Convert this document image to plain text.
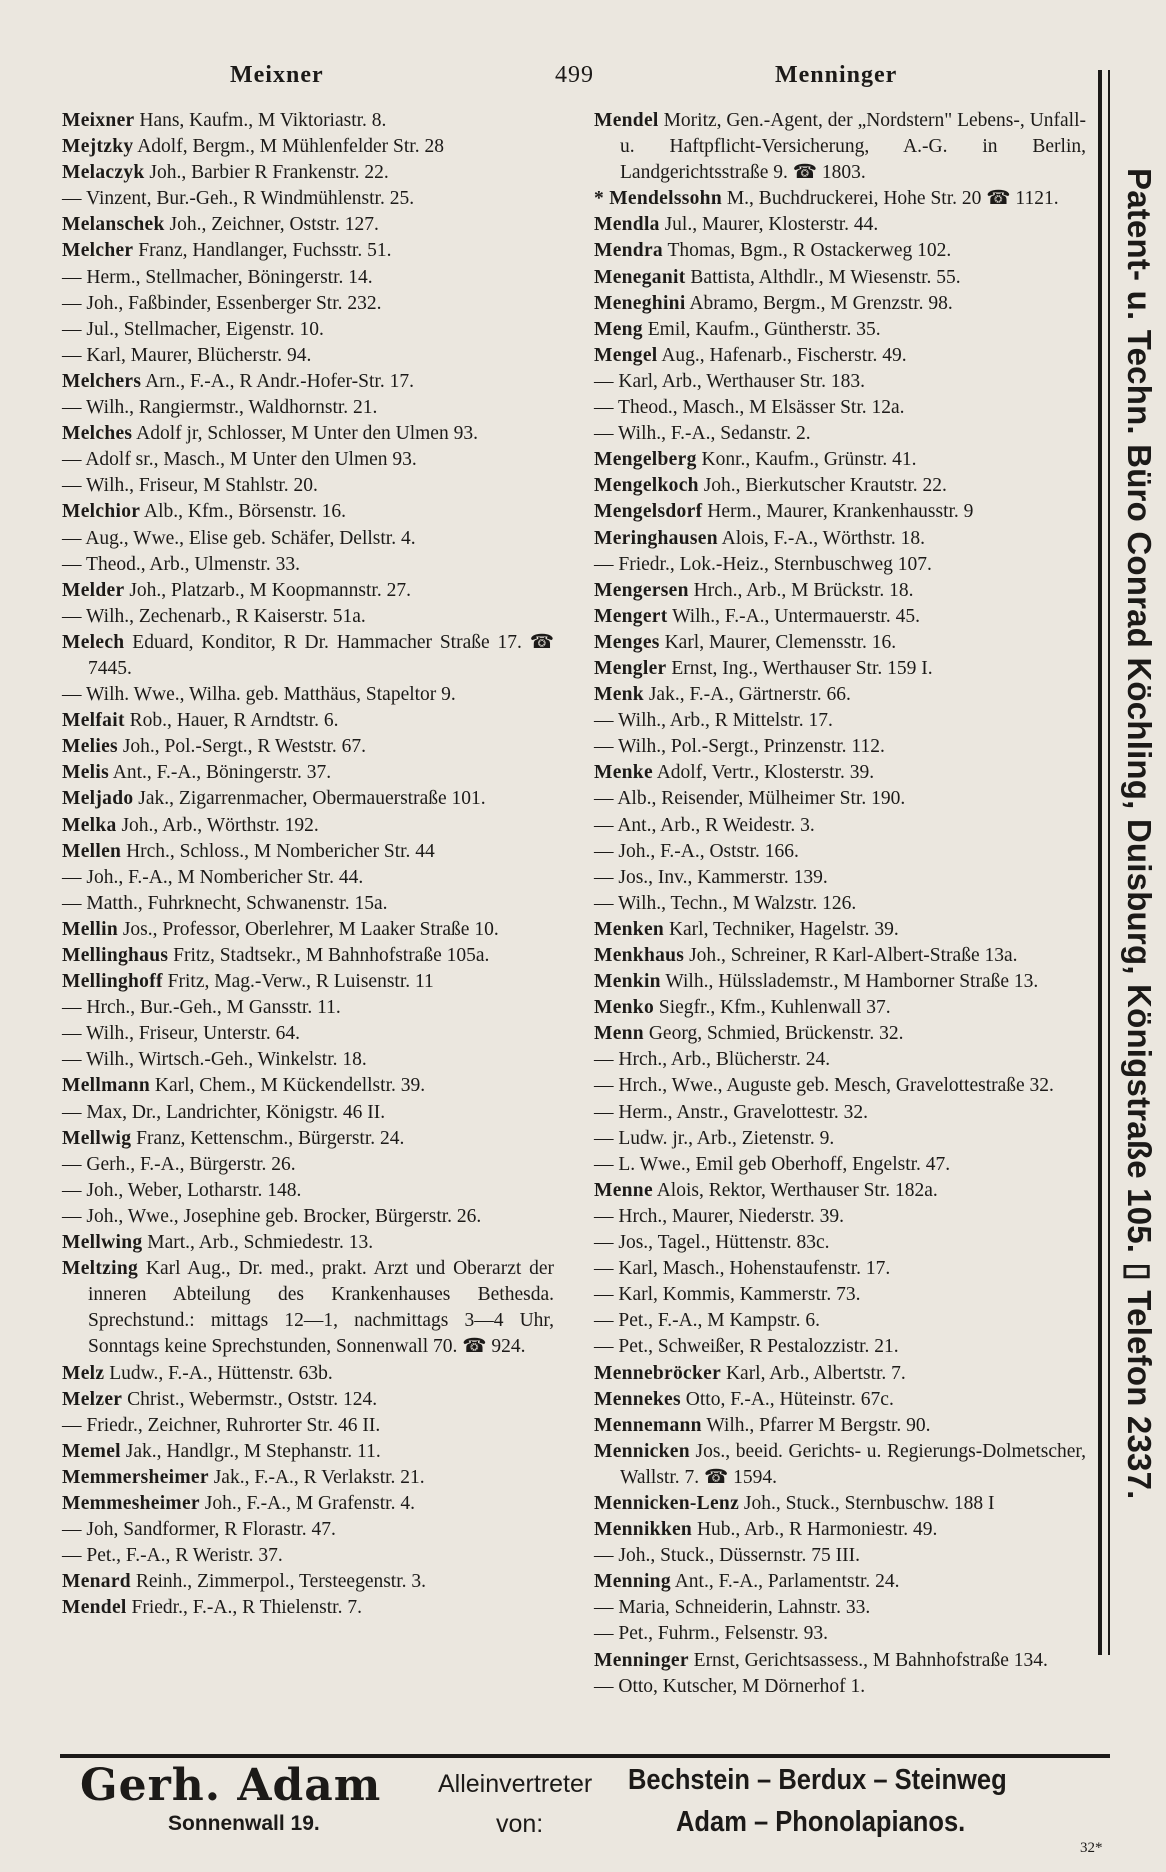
Meixner	499	Menninger
Meixner Hans, Kaufm., M Viktoriastr. 8.
Mejtzky Adolf, Bergm., M Mühlenfelder Str. 28
Melaczyk Joh., Barbier R Frankenstr. 22.
— Vinzent, Bur.-Geh., R Windmühlenstr. 25.
Melanschek Joh., Zeichner, Oststr. 127.
Melcher Franz, Handlanger, Fuchsstr. 51.
— Herm., Stellmacher, Böningerstr. 14.
— Joh., Faßbinder, Essenberger Str. 232.
— Jul., Stellmacher, Eigenstr. 10.
— Karl, Maurer, Blücherstr. 94.
Melchers Arn., F.-A., R Andr.-Hofer-Str. 17.
— Wilh., Rangiermstr., Waldhornstr. 21.
Melches Adolf jr, Schlosser, M Unter den Ulmen 93.
— Adolf sr., Masch., M Unter den Ulmen 93.
— Wilh., Friseur, M Stahlstr. 20.
Melchior Alb., Kfm., Börsenstr. 16.
— Aug., Wwe., Elise geb. Schäfer, Dellstr. 4.
— Theod., Arb., Ulmenstr. 33.
Melder Joh., Platzarb., M Koopmannstr. 27.
— Wilh., Zechenarb., R Kaiserstr. 51a.
Melech Eduard, Konditor, R Dr. Hammacher Straße 17. ☎ 7445.
— Wilh. Wwe., Wilha. geb. Matthäus, Stapeltor 9.
Melfait Rob., Hauer, R Arndtstr. 6.
Melies Joh., Pol.-Sergt., R Weststr. 67.
Melis Ant., F.-A., Böningerstr. 37.
Meljado Jak., Zigarrenmacher, Obermauerstraße 101.
Melka Joh., Arb., Wörthstr. 192.
Mellen Hrch., Schloss., M Nombericher Str. 44
— Joh., F.-A., M Nombericher Str. 44.
— Matth., Fuhrknecht, Schwanenstr. 15a.
Mellin Jos., Professor, Oberlehrer, M Laaker Straße 10.
Mellinghaus Fritz, Stadtsekr., M Bahnhofstraße 105a.
Mellinghoff Fritz, Mag.-Verw., R Luisenstr. 11
— Hrch., Bur.-Geh., M Gansstr. 11.
— Wilh., Friseur, Unterstr. 64.
— Wilh., Wirtsch.-Geh., Winkelstr. 18.
Mellmann Karl, Chem., M Kückendellstr. 39.
— Max, Dr., Landrichter, Königstr. 46 II.
Mellwig Franz, Kettenschm., Bürgerstr. 24.
— Gerh., F.-A., Bürgerstr. 26.
— Joh., Weber, Lotharstr. 148.
— Joh., Wwe., Josephine geb. Brocker, Bürgerstr. 26.
Mellwing Mart., Arb., Schmiedestr. 13.
Meltzing Karl Aug., Dr. med., prakt. Arzt und Oberarzt der inneren Abteilung des Krankenhauses Bethesda. Sprechstund.: mittags 12—1, nachmittags 3—4 Uhr, Sonntags keine Sprechstunden, Sonnenwall 70. ☎ 924.
Melz Ludw., F.-A., Hüttenstr. 63b.
Melzer Christ., Webermstr., Oststr. 124.
— Friedr., Zeichner, Ruhrorter Str. 46 II.
Memel Jak., Handlgr., M Stephanstr. 11.
Memmersheimer Jak., F.-A., R Verlakstr. 21.
Memmesheimer Joh., F.-A., M Grafenstr. 4.
— Joh, Sandformer, R Florastr. 47.
— Pet., F.-A., R Weristr. 37.
Menard Reinh., Zimmerpol., Tersteegenstr. 3.
Mendel Friedr., F.-A., R Thielenstr. 7.
Mendel Moritz, Gen.-Agent, der „Nordstern" Lebens-, Unfall- u. Haftpflicht-Versicherung, A.-G. in Berlin, Landgerichtsstraße 9. ☎ 1803.
* Mendelssohn M., Buchdruckerei, Hohe Str. 20 ☎ 1121.
Mendla Jul., Maurer, Klosterstr. 44.
Mendra Thomas, Bgm., R Ostackerweg 102.
Meneganit Battista, Althdlr., M Wiesenstr. 55.
Meneghini Abramo, Bergm., M Grenzstr. 98.
Meng Emil, Kaufm., Güntherstr. 35.
Mengel Aug., Hafenarb., Fischerstr. 49.
— Karl, Arb., Werthauser Str. 183.
— Theod., Masch., M Elsässer Str. 12a.
— Wilh., F.-A., Sedanstr. 2.
Mengelberg Konr., Kaufm., Grünstr. 41.
Mengelkoch Joh., Bierkutscher Krautstr. 22.
Mengelsdorf Herm., Maurer, Krankenhausstr. 9
Meringhausen Alois, F.-A., Wörthstr. 18.
— Friedr., Lok.-Heiz., Sternbuschweg 107.
Mengersen Hrch., Arb., M Brückstr. 18.
Mengert Wilh., F.-A., Untermauerstr. 45.
Menges Karl, Maurer, Clemensstr. 16.
Mengler Ernst, Ing., Werthauser Str. 159 I.
Menk Jak., F.-A., Gärtnerstr. 66.
— Wilh., Arb., R Mittelstr. 17.
— Wilh., Pol.-Sergt., Prinzenstr. 112.
Menke Adolf, Vertr., Klosterstr. 39.
— Alb., Reisender, Mülheimer Str. 190.
— Ant., Arb., R Weidestr. 3.
— Joh., F.-A., Oststr. 166.
— Jos., Inv., Kammerstr. 139.
— Wilh., Techn., M Walzstr. 126.
Menken Karl, Techniker, Hagelstr. 39.
Menkhaus Joh., Schreiner, R Karl-Albert-Straße 13a.
Menkin Wilh., Hülsslademstr., M Hamborner Straße 13.
Menko Siegfr., Kfm., Kuhlenwall 37.
Menn Georg, Schmied, Brückenstr. 32.
— Hrch., Arb., Blücherstr. 24.
— Hrch., Wwe., Auguste geb. Mesch, Gravelottestraße 32.
— Herm., Anstr., Gravelottestr. 32.
— Ludw. jr., Arb., Zietenstr. 9.
— L. Wwe., Emil geb Oberhoff, Engelstr. 47.
Menne Alois, Rektor, Werthauser Str. 182a.
— Hrch., Maurer, Niederstr. 39.
— Jos., Tagel., Hüttenstr. 83c.
— Karl, Masch., Hohenstaufenstr. 17.
— Karl, Kommis, Kammerstr. 73.
— Pet., F.-A., M Kampstr. 6.
— Pet., Schweißer, R Pestalozzistr. 21.
Mennebröcker Karl, Arb., Albertstr. 7.
Mennekes Otto, F.-A., Hüteinstr. 67c.
Mennemann Wilh., Pfarrer M Bergstr. 90.
Mennicken Jos., beeid. Gerichts- u. Regierungs-Dolmetscher, Wallstr. 7. ☎ 1594.
Mennicken-Lenz Joh., Stuck., Sternbuschw. 188 I
Mennikken Hub., Arb., R Harmoniestr. 49.
— Joh., Stuck., Düssernstr. 75 III.
Menning Ant., F.-A., Parlamentstr. 24.
— Maria, Schneiderin, Lahnstr. 33.
— Pet., Fuhrm., Felsenstr. 93.
Menninger Ernst, Gerichtsassess., M Bahnhofstraße 134.
— Otto, Kutscher, M Dörnerhof 1.
Patent- u. Techn. Büro Conrad Köchling, Duisburg, Königstraße 105. ▯ Telefon 2337.
Gerh. Adam
Sonnenwall 19.
Alleinvertreter
von:
Bechstein – Berdux – Steinweg
Adam – Phonolapianos.
32*
